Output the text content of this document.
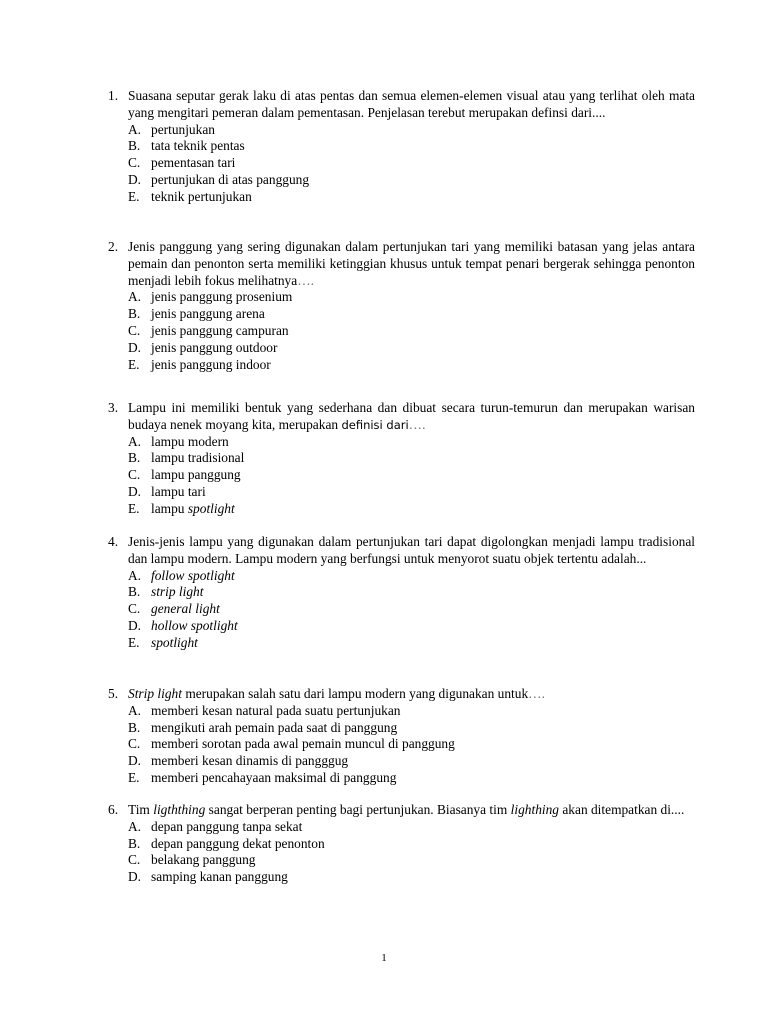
1. Suasana seputar gerak laku di atas pentas dan semua elemen-elemen visual atau yang terlihat oleh mata yang mengitari pemeran dalam pementasan. Penjelasan terebut merupakan definsi dari....
A. pertunjukan
B. tata teknik pentas
C. pementasan tari
D. pertunjukan di atas panggung
E. teknik pertunjukan
2. Jenis panggung yang sering digunakan dalam pertunjukan tari yang memiliki batasan yang jelas antara pemain dan penonton serta memiliki ketinggian khusus untuk tempat penari bergerak sehingga penonton menjadi lebih fokus melihatnya….
A. jenis panggung prosenium
B. jenis panggung arena
C. jenis panggung campuran
D. jenis panggung outdoor
E. jenis panggung indoor
3. Lampu ini memiliki bentuk yang sederhana dan dibuat secara turun-temurun dan merupakan warisan budaya nenek moyang kita, merupakan definisi dari….
A. lampu modern
B. lampu tradisional
C. lampu panggung
D. lampu tari
E. lampu spotlight
4. Jenis-jenis lampu yang digunakan dalam pertunjukan tari dapat digolongkan menjadi lampu tradisional dan lampu modern. Lampu modern yang berfungsi untuk menyorot suatu objek tertentu adalah...
A. follow spotlight
B. strip light
C. general light
D. hollow spotlight
E. spotlight
5. Strip light merupakan salah satu dari lampu modern yang digunakan untuk….
A. memberi kesan natural pada suatu pertunjukan
B. mengikuti arah pemain pada saat di panggung
C. memberi sorotan pada awal pemain muncul di panggung
D. memberi kesan dinamis di pangggug
E. memberi pencahayaan maksimal di panggung
6. Tim ligththing sangat berperan penting bagi pertunjukan. Biasanya tim lighthing akan ditempatkan di....
A. depan panggung tanpa sekat
B. depan panggung dekat penonton
C. belakang panggung
D. samping kanan panggung
1
